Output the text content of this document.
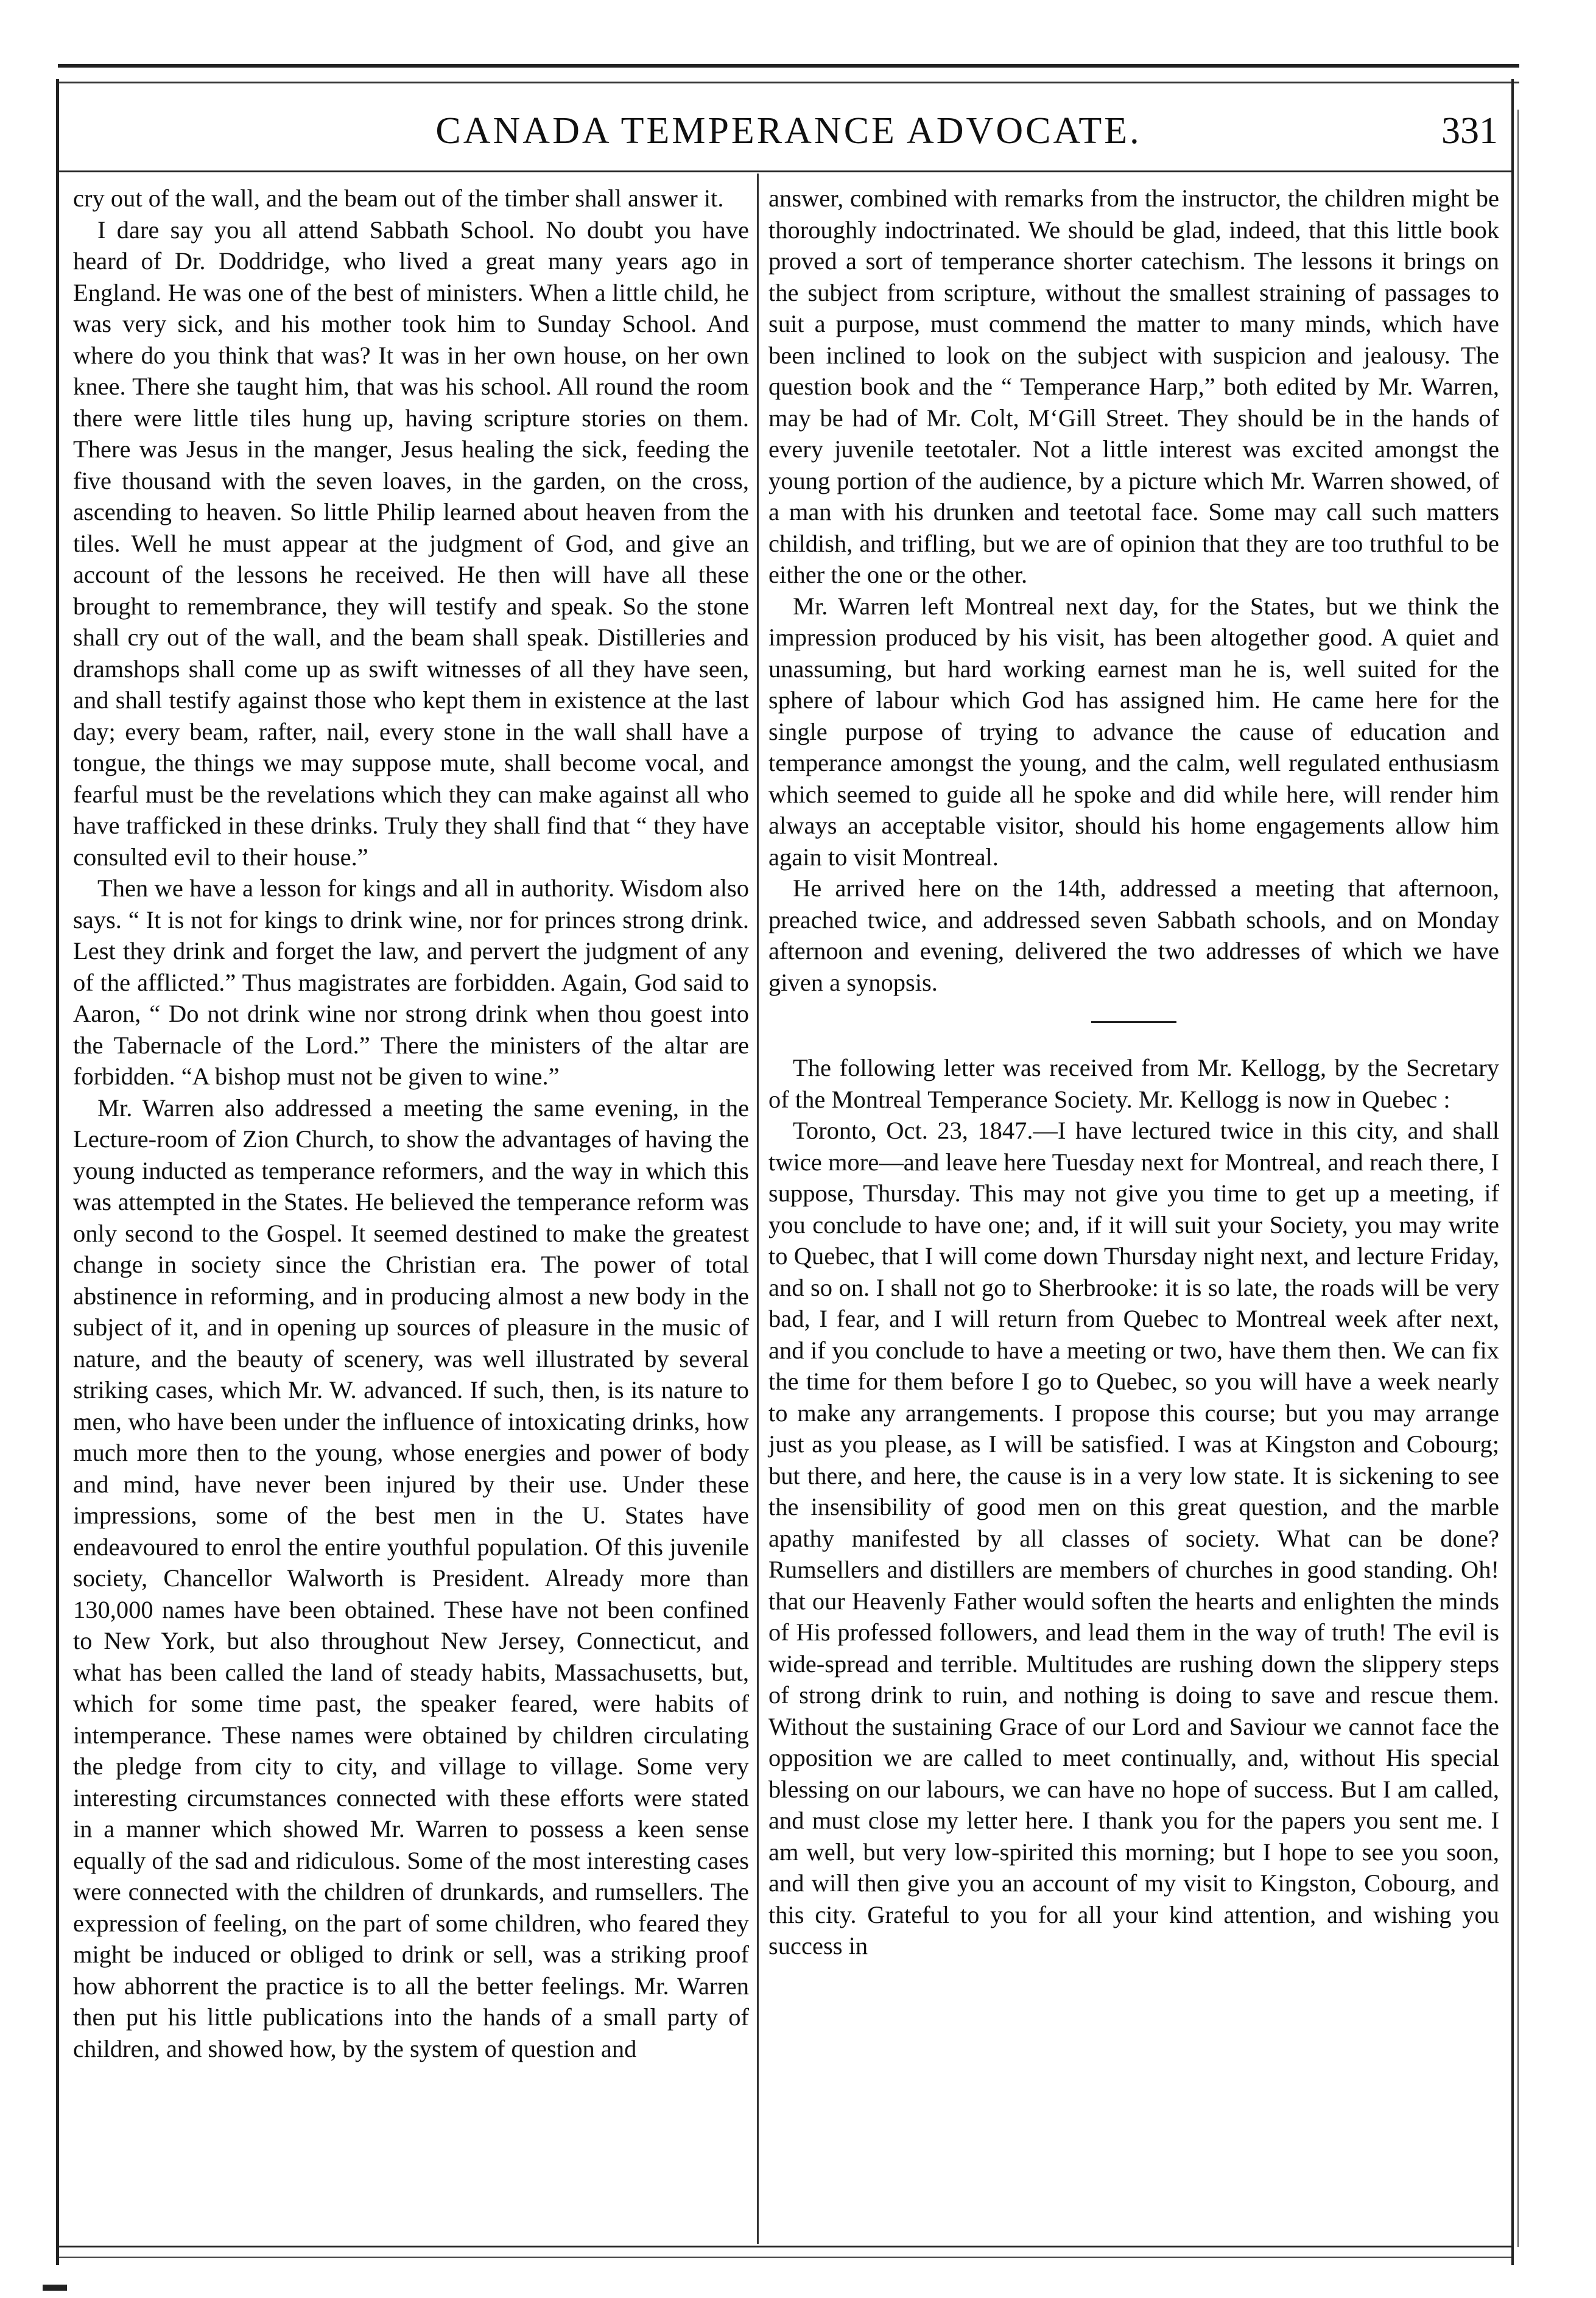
CANADA TEMPERANCE ADVOCATE.	331

cry out of the wall, and the beam out of the timber shall answer it.

I dare say you all attend Sabbath School. No doubt you have heard of Dr. Doddridge, who lived a great many years ago in England. He was one of the best of ministers. When a little child, he was very sick, and his mother took him to Sunday School. And where do you think that was? It was in her own house, on her own knee. There she taught him, that was his school. All round the room there were little tiles hung up, having scripture stories on them. There was Jesus in the manger, Jesus healing the sick, feeding the five thousand with the seven loaves, in the garden, on the cross, ascending to heaven. So little Philip learned about heaven from the tiles. Well he must appear at the judgment of God, and give an account of the lessons he received. He then will have all these brought to remembrance, they will testify and speak. So the stone shall cry out of the wall, and the beam shall speak. Distilleries and dramshops shall come up as swift witnesses of all they have seen, and shall testify against those who kept them in existence at the last day; every beam, rafter, nail, every stone in the wall shall have a tongue, the things we may suppose mute, shall become vocal, and fearful must be the revelations which they can make against all who have trafficked in these drinks. Truly they shall find that “ they have consulted evil to their house.”

Then we have a lesson for kings and all in authority. Wisdom also says. “ It is not for kings to drink wine, nor for princes strong drink. Lest they drink and forget the law, and pervert the judgment of any of the afflicted.” Thus magistrates are forbidden. Again, God said to Aaron, “ Do not drink wine nor strong drink when thou goest into the Tabernacle of the Lord.” There the ministers of the altar are forbidden. “A bishop must not be given to wine.”

Mr. Warren also addressed a meeting the same evening, in the Lecture-room of Zion Church, to show the advantages of having the young inducted as temperance reformers, and the way in which this was attempted in the States. He believed the temperance reform was only second to the Gospel. It seemed destined to make the greatest change in society since the Christian era. The power of total abstinence in reforming, and in producing almost a new body in the subject of it, and in opening up sources of pleasure in the music of nature, and the beauty of scenery, was well illustrated by several striking cases, which Mr. W. advanced. If such, then, is its nature to men, who have been under the influence of intoxicating drinks, how much more then to the young, whose energies and power of body and mind, have never been injured by their use. Under these impressions, some of the best men in the U. States have endeavoured to enrol the entire youthful population. Of this juvenile society, Chancellor Walworth is President. Already more than 130,000 names have been obtained. These have not been confined to New York, but also throughout New Jersey, Connecticut, and what has been called the land of steady habits, Massachusetts, but, which for some time past, the speaker feared, were habits of intemperance. These names were obtained by children circulating the pledge from city to city, and village to village. Some very interesting circumstances connected with these efforts were stated in a manner which showed Mr. Warren to possess a keen sense equally of the sad and ridiculous. Some of the most interesting cases were connected with the children of drunkards, and rumsellers. The expression of feeling, on the part of some children, who feared they might be induced or obliged to drink or sell, was a striking proof how abhorrent the practice is to all the better feelings. Mr. Warren then put his little publications into the hands of a small party of children, and showed how, by the system of question and

answer, combined with remarks from the instructor, the children might be thoroughly indoctrinated. We should be glad, indeed, that this little book proved a sort of temperance shorter catechism. The lessons it brings on the subject from scripture, without the smallest straining of passages to suit a purpose, must commend the matter to many minds, which have been inclined to look on the subject with suspicion and jealousy. The question book and the “ Temperance Harp,” both edited by Mr. Warren, may be had of Mr. Colt, M‘Gill Street. They should be in the hands of every juvenile teetotaler. Not a little interest was excited amongst the young portion of the audience, by a picture which Mr. Warren showed, of a man with his drunken and teetotal face. Some may call such matters childish, and trifling, but we are of opinion that they are too truthful to be either the one or the other.

Mr. Warren left Montreal next day, for the States, but we think the impression produced by his visit, has been altogether good. A quiet and unassuming, but hard working earnest man he is, well suited for the sphere of labour which God has assigned him. He came here for the single purpose of trying to advance the cause of education and temperance amongst the young, and the calm, well regulated enthusiasm which seemed to guide all he spoke and did while here, will render him always an acceptable visitor, should his home engagements allow him again to visit Montreal.

He arrived here on the 14th, addressed a meeting that afternoon, preached twice, and addressed seven Sabbath schools, and on Monday afternoon and evening, delivered the two addresses of which we have given a synopsis.

The following letter was received from Mr. Kellogg, by the Secretary of the Montreal Temperance Society. Mr. Kellogg is now in Quebec :

Toronto, Oct. 23, 1847.—I have lectured twice in this city, and shall twice more—and leave here Tuesday next for Montreal, and reach there, I suppose, Thursday. This may not give you time to get up a meeting, if you conclude to have one; and, if it will suit your Society, you may write to Quebec, that I will come down Thursday night next, and lecture Friday, and so on. I shall not go to Sherbrooke: it is so late, the roads will be very bad, I fear, and I will return from Quebec to Montreal week after next, and if you conclude to have a meeting or two, have them then. We can fix the time for them before I go to Quebec, so you will have a week nearly to make any arrangements. I propose this course; but you may arrange just as you please, as I will be satisfied. I was at Kingston and Cobourg; but there, and here, the cause is in a very low state. It is sickening to see the insensibility of good men on this great question, and the marble apathy manifested by all classes of society. What can be done? Rumsellers and distillers are members of churches in good standing. Oh! that our Heavenly Father would soften the hearts and enlighten the minds of His professed followers, and lead them in the way of truth! The evil is wide-spread and terrible. Multitudes are rushing down the slippery steps of strong drink to ruin, and nothing is doing to save and rescue them. Without the sustaining Grace of our Lord and Saviour we cannot face the opposition we are called to meet continually, and, without His special blessing on our labours, we can have no hope of success. But I am called, and must close my letter here. I thank you for the papers you sent me. I am well, but very low-spirited this morning; but I hope to see you soon, and will then give you an account of my visit to Kingston, Cobourg, and this city. Grateful to you for all your kind attention, and wishing you success in
